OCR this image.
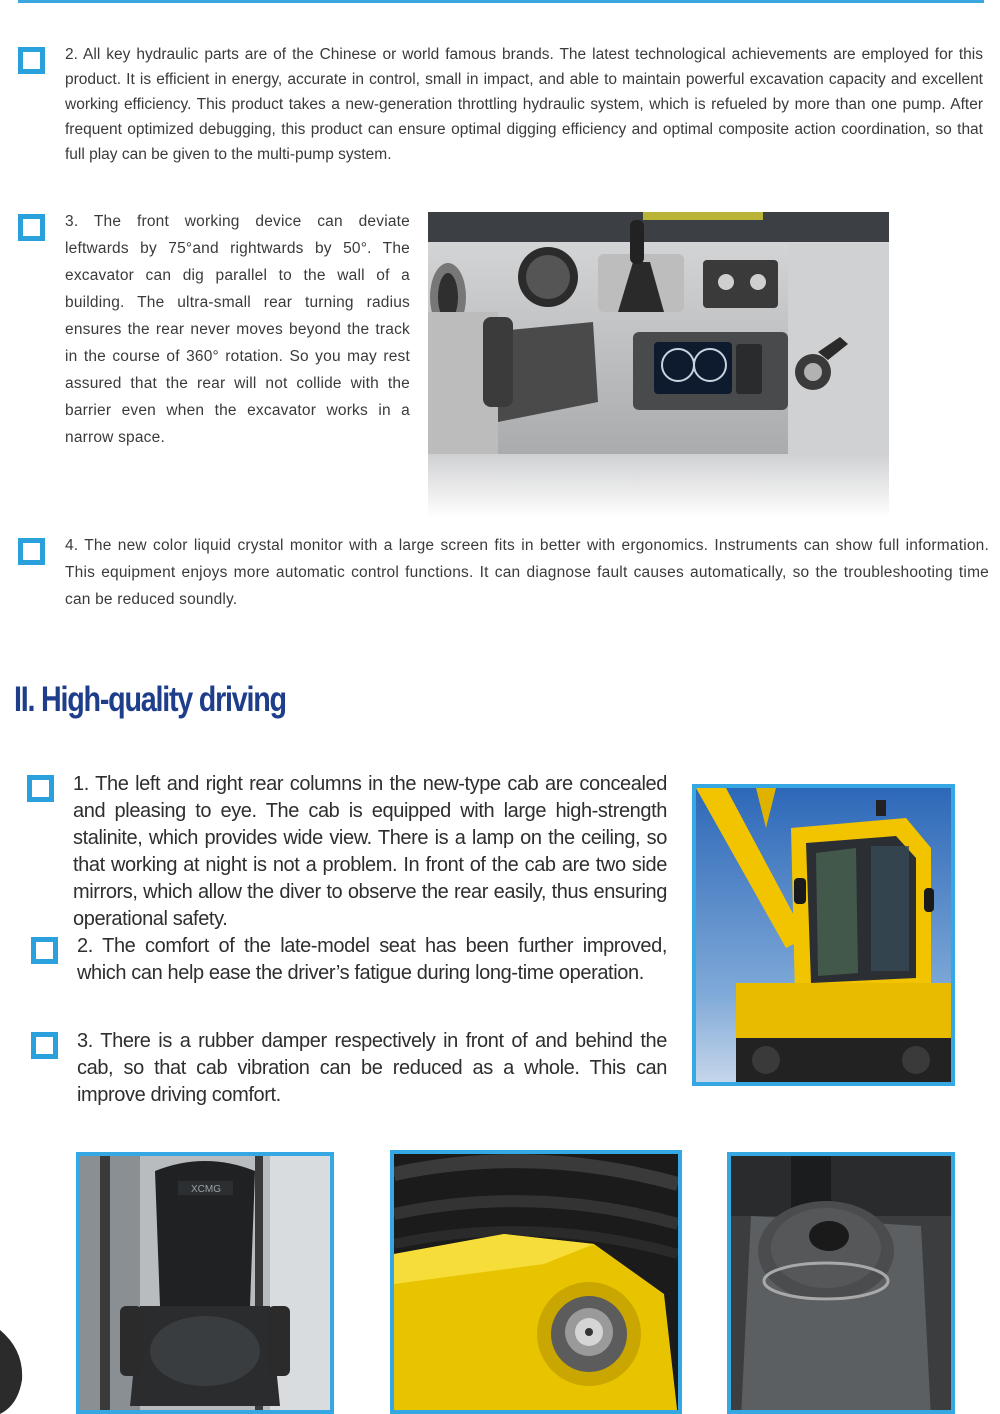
2. All key hydraulic parts are of the Chinese or world famous brands. The latest technological achievements are employed for this product. It is efficient in energy, accurate in control, small in impact, and able to maintain powerful excavation capacity and excellent working efficiency. This product takes a new-generation throttling hydraulic system, which is refueled by more than one pump. After frequent optimized debugging, this product can ensure optimal digging efficiency and optimal composite action coordination, so that full play can be given to the multi-pump system.
3. The front working device can deviate leftwards by 75°and rightwards by 50°. The excavator can dig parallel to the wall of a building. The ultra-small rear turning radius ensures the rear never moves beyond the track in the course of 360° rotation. So you may rest assured that the rear will not collide with the barrier even when the excavator works in a narrow space.
4. The new color liquid crystal monitor with a large screen fits in better with ergonomics. Instruments can show full information. This equipment enjoys more automatic control functions. It can diagnose fault causes automatically, so the troubleshooting time can be reduced soundly.
II. High-quality driving
1. The left and right rear columns in the new-type cab are concealed and pleasing to eye. The cab is equipped with large high-strength stalinite, which provides wide view. There is a lamp on the ceiling, so that working at night is not a problem. In front of the cab are two side mirrors, which allow the diver to observe the rear easily, thus ensuring operational safety.
2. The comfort of the late-model seat has been further improved, which can help ease the driver’s fatigue during long-time operation.
3. There is a rubber damper respectively in front of and behind the cab, so that cab vibration can be reduced as a whole. This can improve driving comfort.
XCMG
